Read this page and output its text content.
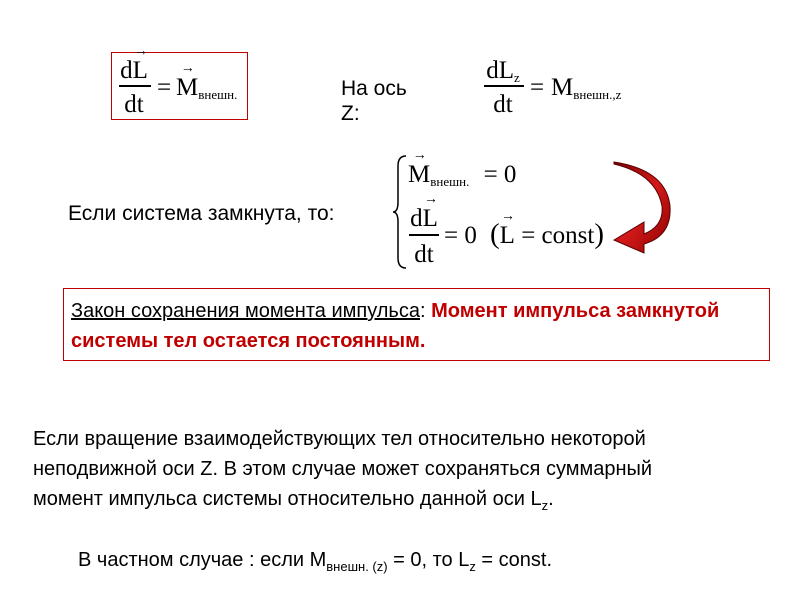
d→ L
dt
=
→ $M_{внешн.}$	На ось
Z:
$dL_z$
dt
= $M_{внешн.,z}$
Если система замкнута, то:
→ $M_{внешн.} = 0$
d→ L
dt
= 0 (→ L = const)
Закон сохранения момента импульса: Момент импульса замкнутой системы тел остается постоянным.
Если вращение взаимодействующих тел относительно некоторой
неподвижной оси Z. В этом случае может сохраняться суммарный
момент импульса системы относительно данной оси $L_z$.
В частном случае : если $M_{внешн. (z)} = 0$, то $L_z$ = const.
